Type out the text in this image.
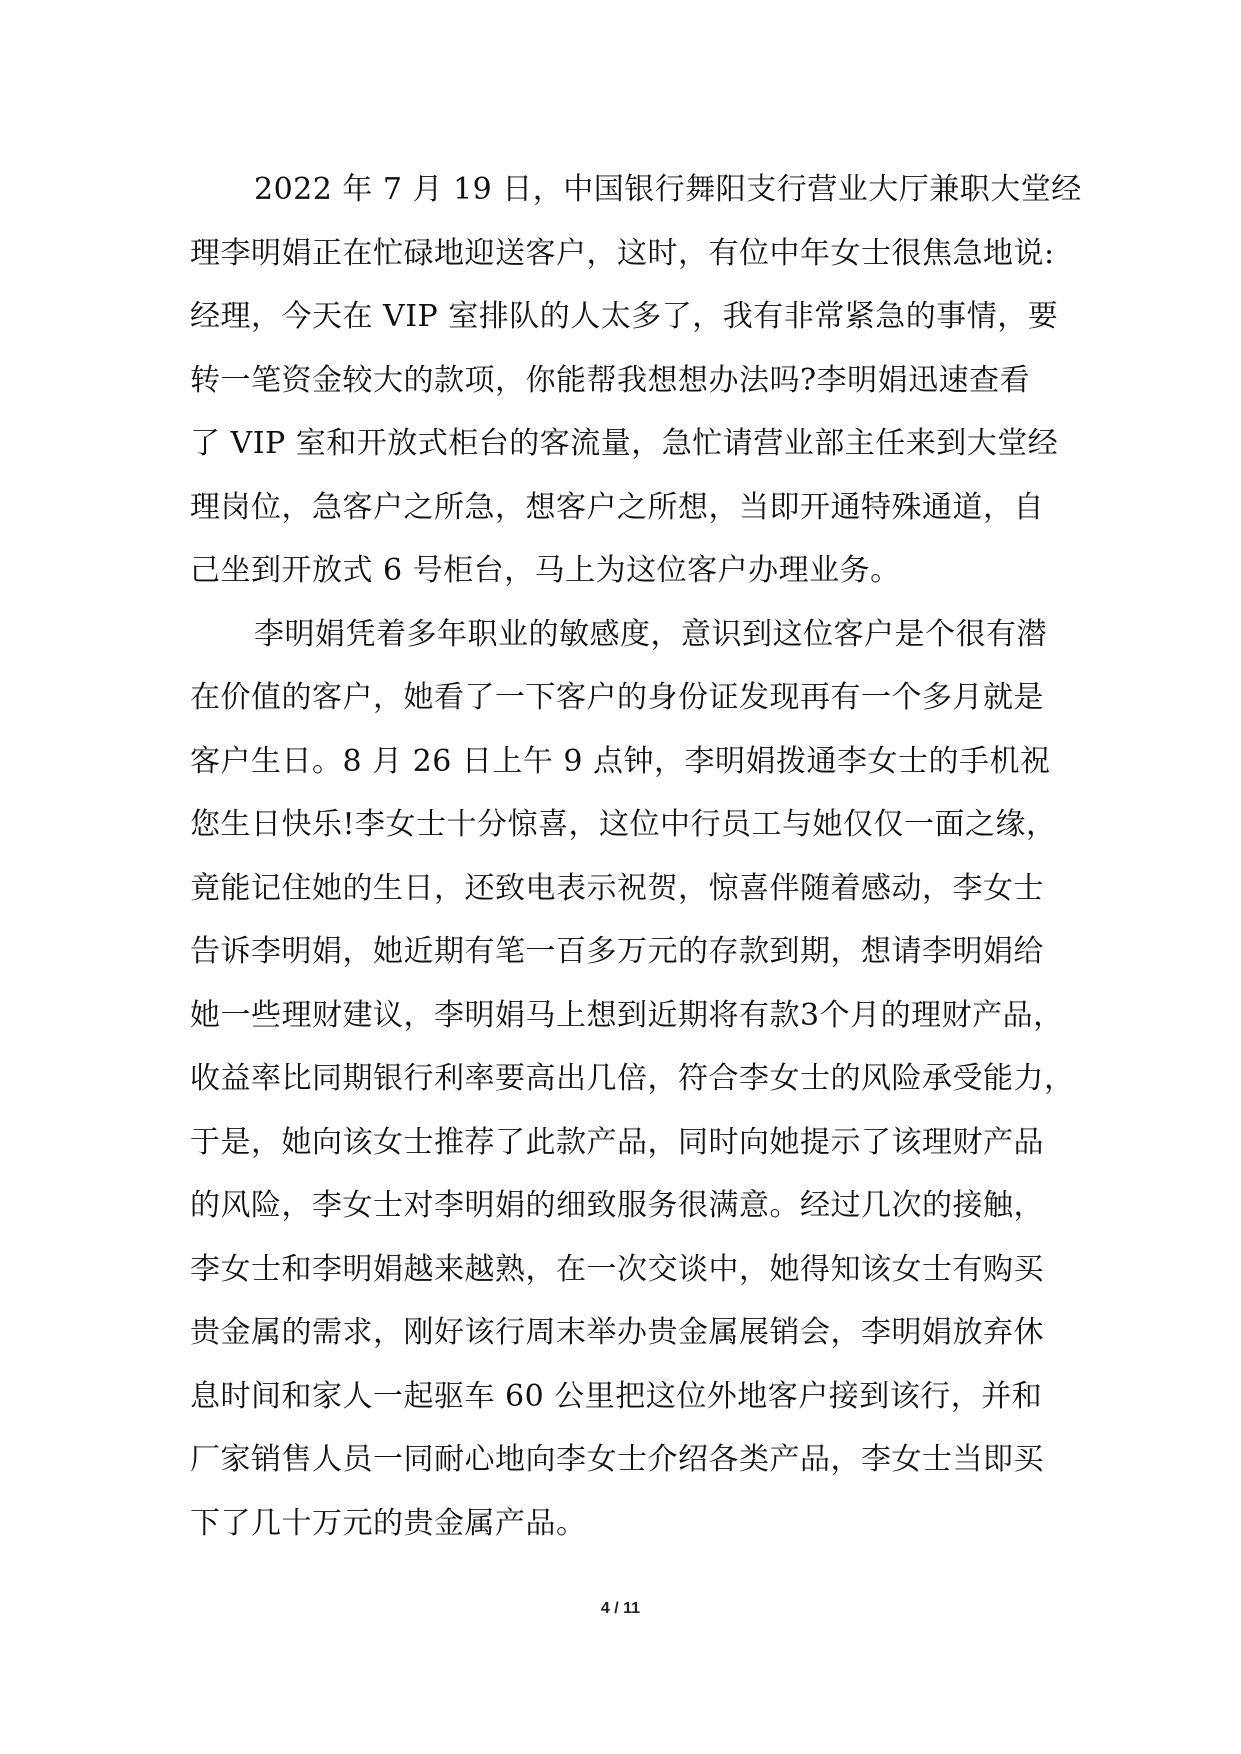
2022 年 7 月 19 日，中国银行舞阳支行营业大厅兼职大堂经
理李明娟正在忙碌地迎送客户，这时，有位中年女士很焦急地说:
经理，今天在 VIP 室排队的人太多了，我有非常紧急的事情，要
转一笔资金较大的款项，你能帮我想想办法吗?李明娟迅速查看
了 VIP 室和开放式柜台的客流量，急忙请营业部主任来到大堂经
理岗位，急客户之所急，想客户之所想，当即开通特殊通道，自
己坐到开放式 6 号柜台，马上为这位客户办理业务。
李明娟凭着多年职业的敏感度，意识到这位客户是个很有潜
在价值的客户，她看了一下客户的身份证发现再有一个多月就是
客户生日。8 月 26 日上午 9 点钟，李明娟拨通李女士的手机祝
您生日快乐!李女士十分惊喜，这位中行员工与她仅仅一面之缘，
竟能记住她的生日，还致电表示祝贺，惊喜伴随着感动，李女士
告诉李明娟，她近期有笔一百多万元的存款到期，想请李明娟给
她一些理财建议，李明娟马上想到近期将有款3个月的理财产品，
收益率比同期银行利率要高出几倍，符合李女士的风险承受能力，
于是，她向该女士推荐了此款产品，同时向她提示了该理财产品
的风险，李女士对李明娟的细致服务很满意。经过几次的接触，
李女士和李明娟越来越熟，在一次交谈中，她得知该女士有购买
贵金属的需求，刚好该行周末举办贵金属展销会，李明娟放弃休
息时间和家人一起驱车 60 公里把这位外地客户接到该行，并和
厂家销售人员一同耐心地向李女士介绍各类产品，李女士当即买
下了几十万元的贵金属产品。
4 / 11
